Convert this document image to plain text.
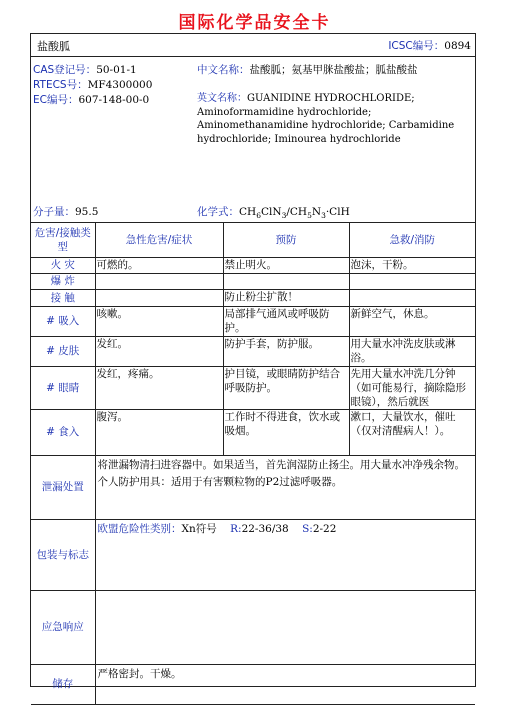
国际化学品安全卡
盐酸胍	ICSC编号：0894
CAS登记号：50-01-1
RTECS号：MF4300000
EC编号：607-148-00-0
中文名称：盐酸胍；氨基甲脒盐酸盐；胍盐酸盐
英文名称：GUANIDINE HYDROCHLORIDE; Aminoformamidine hydrochloride; Aminomethanamidine hydrochloride; Carbamidine hydrochloride; Iminourea hydrochloride
分子量：95.5	化学式：$CH_6ClN_3/CH_5N_3\cdot ClH$
危害/接触类型	急性危害/症状	预防	急救/消防
火 灾	可燃的。	禁止明火。	泡沫，干粉。
爆 炸			
接 触		防止粉尘扩散！	
# 吸入	咳嗽。	局部排气通风或呼吸防护。	新鲜空气，休息。
# 皮肤	发红。	防护手套，防护服。	用大量水冲洗皮肤或淋浴。
# 眼睛	发红，疼痛。	护目镜，或眼睛防护结合呼吸防护。	先用大量水冲洗几分钟（如可能易行，摘除隐形眼镜），然后就医
# 食入	腹泻。	工作时不得进食，饮水或吸烟。	漱口，大量饮水，催吐（仅对清醒病人！）。
泄漏处置	将泄漏物清扫进容器中。如果适当，首先润湿防止扬尘。用大量水冲净残余物。个人防护用具：适用于有害颗粒物的P2过滤呼吸器。		
包装与标志	欧盟危险性类别：Xn符号 R:22-36/38 S:2-22		
应急响应			
储存	严格密封。干燥。		
